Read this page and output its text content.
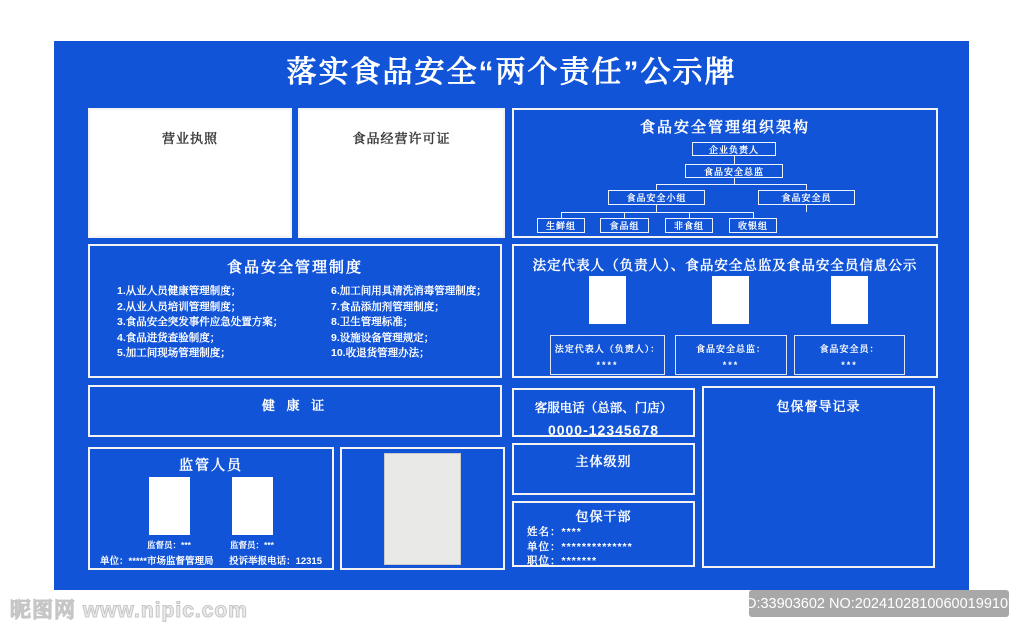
落实食品安全“两个责任”公示牌
营业执照	食品经营许可证
食品安全管理组织架构
企业负责人
食品安全总监
食品安全小组	食品安全员
生鲜组	食品组	非食组	收银组
食品安全管理制度
1.从业人员健康管理制度；
2.从业人员培训管理制度；
3.食品安全突发事件应急处置方案；
4.食品进货查验制度；
5.加工间现场管理制度；
6.加工间用具清洗消毒管理制度；
7.食品添加剂管理制度；
8.卫生管理标准；
9.设施设备管理规定；
10.收退货管理办法；
法定代表人（负责人）、食品安全总监及食品安全员信息公示
法定代表人（负责人）：
****
食品安全总监：
***
食品安全员：
***
健 康 证
监管人员
监督员：***	监督员：***
单位：*****市场监督管理局 投诉举报电话：12315
客服电话（总部、门店）
0000-12345678
主体级别
包保干部
姓名：****
单位：**************
职位：*******
包保督导记录
昵图网 www.nipic.com	ID:33903602 NO:20241028100600199107
